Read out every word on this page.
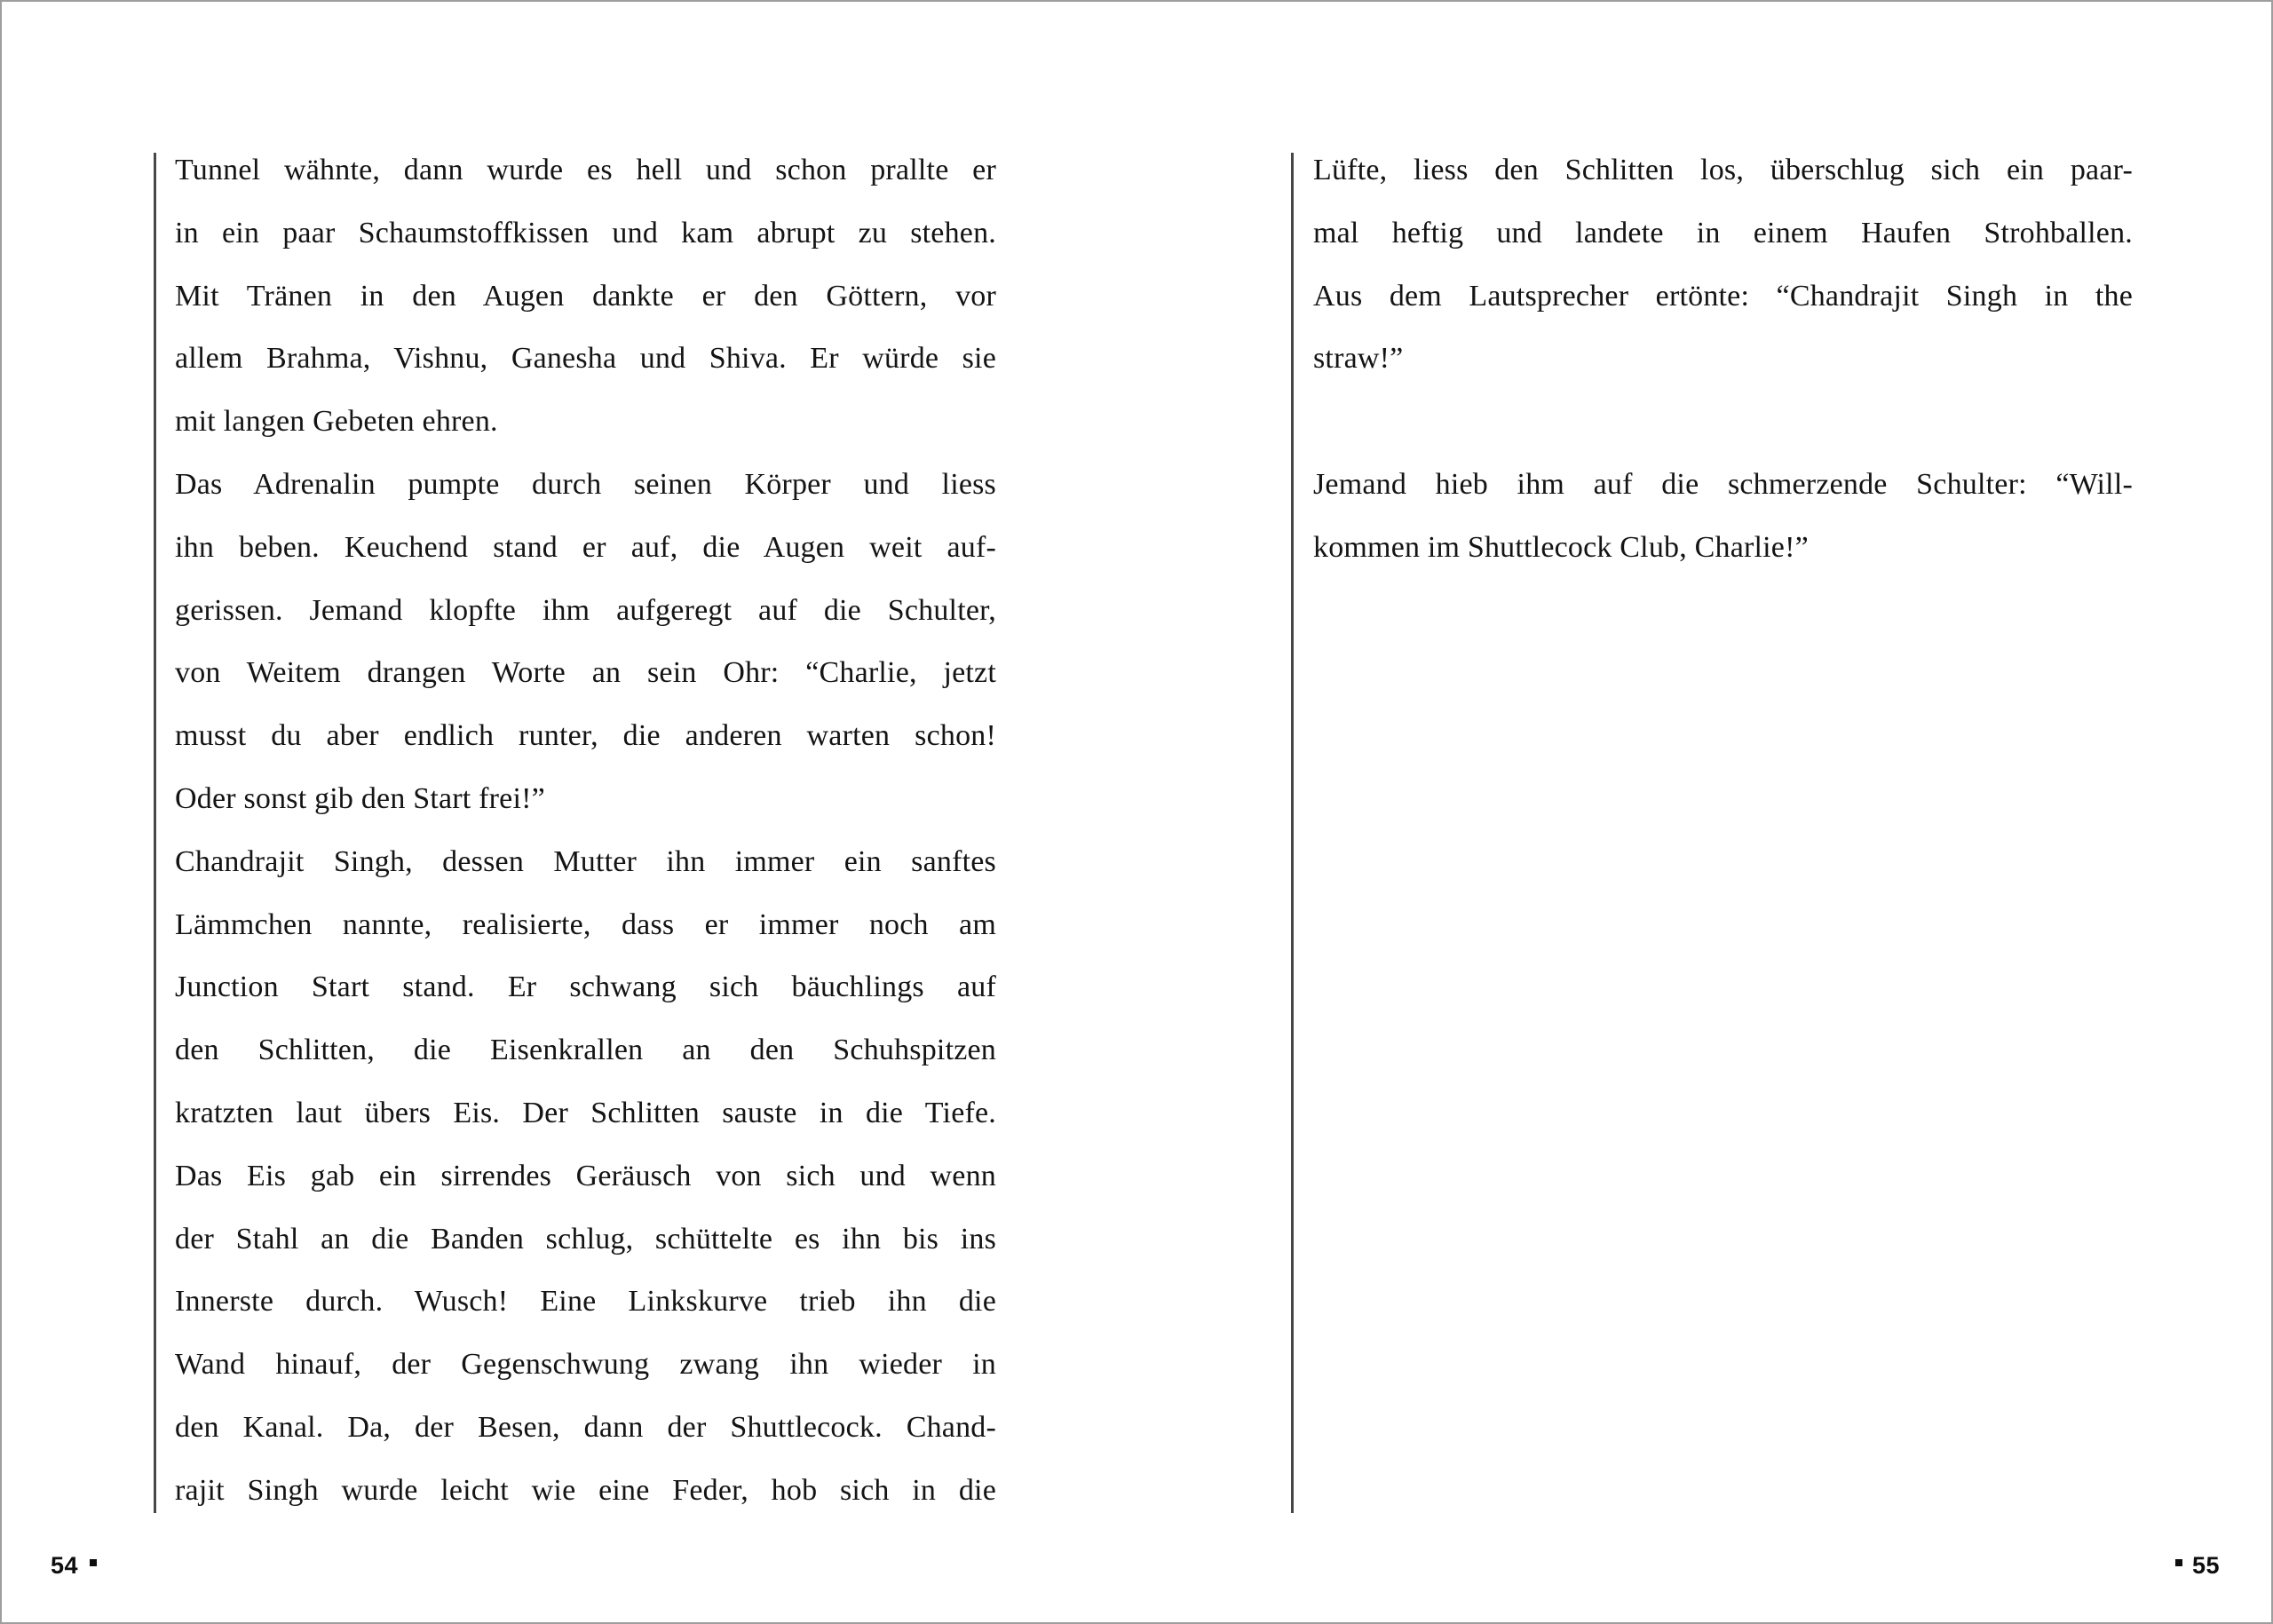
Tunnel wähnte, dann wurde es hell und schon prallte er
in ein paar Schaumstoffkissen und kam abrupt zu stehen.
Mit Tränen in den Augen dankte er den Göttern, vor
allem Brahma, Vishnu, Ganesha und Shiva. Er würde sie
mit langen Gebeten ehren.
Das Adrenalin pumpte durch seinen Körper und liess
ihn beben. Keuchend stand er auf, die Augen weit auf-
gerissen. Jemand klopfte ihm aufgeregt auf die Schulter,
von Weitem drangen Worte an sein Ohr: “Charlie, jetzt
musst du aber endlich runter, die anderen warten schon!
Oder sonst gib den Start frei!”
Chandrajit Singh, dessen Mutter ihn immer ein sanftes
Lämmchen nannte, realisierte, dass er immer noch am
Junction Start stand. Er schwang sich bäuchlings auf
den Schlitten, die Eisenkrallen an den Schuhspitzen
kratzten laut übers Eis. Der Schlitten sauste in die Tiefe.
Das Eis gab ein sirrendes Geräusch von sich und wenn
der Stahl an die Banden schlug, schüttelte es ihn bis ins
Innerste durch. Wusch! Eine Linkskurve trieb ihn die
Wand hinauf, der Gegenschwung zwang ihn wieder in
den Kanal. Da, der Besen, dann der Shuttlecock. Chand-
rajit Singh wurde leicht wie eine Feder, hob sich in die
Lüfte, liess den Schlitten los, überschlug sich ein paar-
mal heftig und landete in einem Haufen Strohballen.
Aus dem Lautsprecher ertönte: “Chandrajit Singh in the
straw!”
Jemand hieb ihm auf die schmerzende Schulter: “Will-
kommen im Shuttlecock Club, Charlie!”
54	55
